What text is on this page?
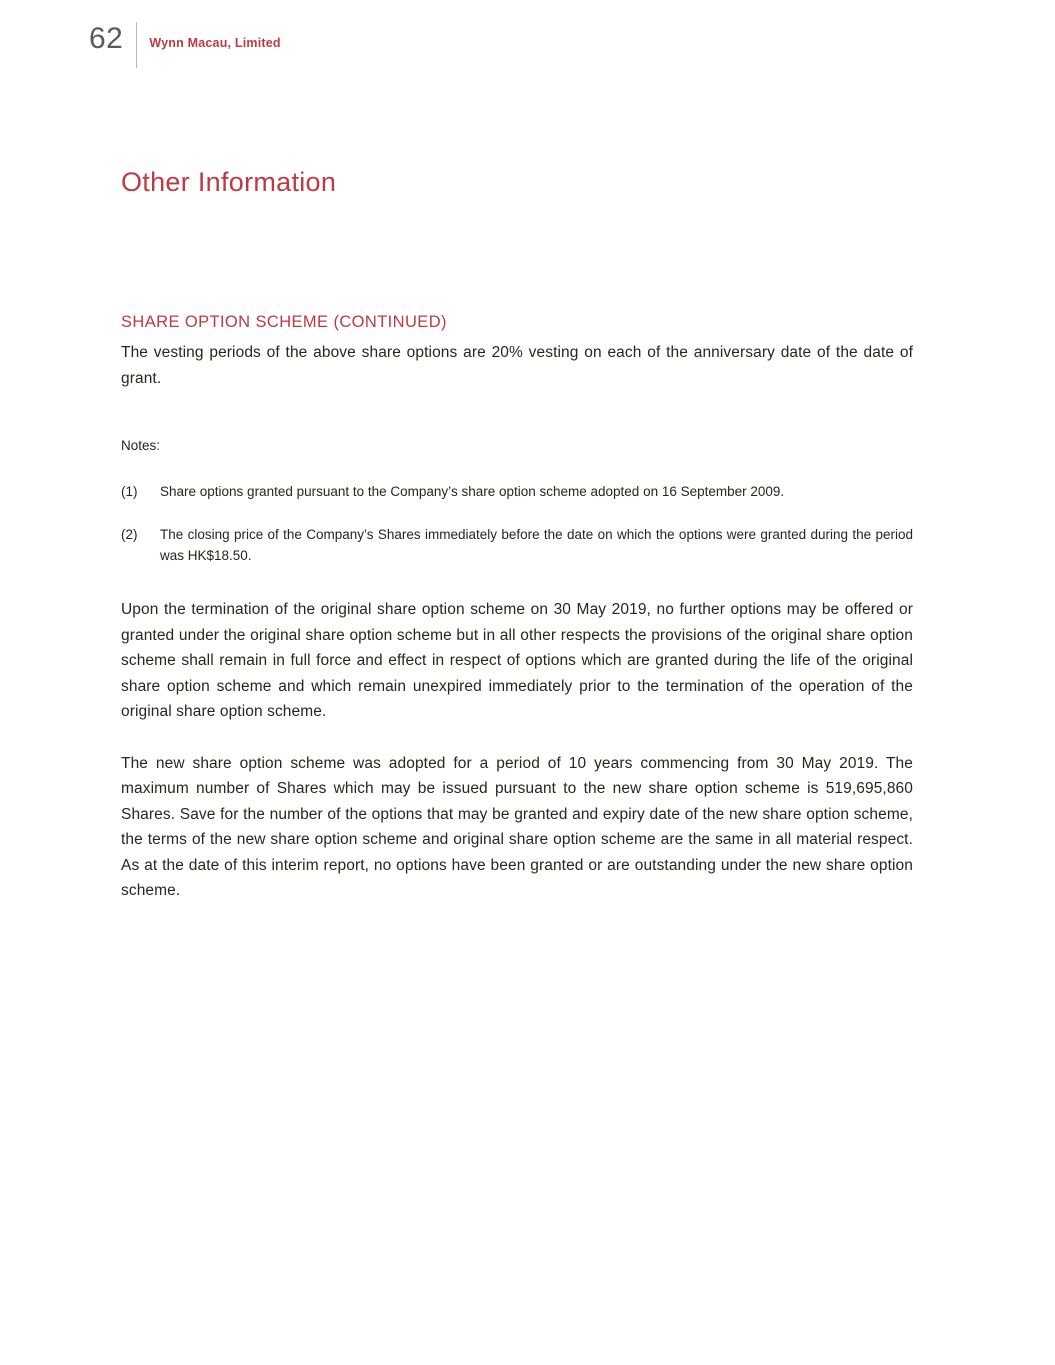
62 Wynn Macau, Limited
Other Information
SHARE OPTION SCHEME (CONTINUED)

The vesting periods of the above share options are 20% vesting on each of the anniversary date of the date of grant.

Notes:
(1)	Share options granted pursuant to the Company’s share option scheme adopted on 16 September 2009.
(2)	The closing price of the Company’s Shares immediately before the date on which the options were granted during the period was HK$18.50.

Upon the termination of the original share option scheme on 30 May 2019, no further options may be offered or granted under the original share option scheme but in all other respects the provisions of the original share option scheme shall remain in full force and effect in respect of options which are granted during the life of the original share option scheme and which remain unexpired immediately prior to the termination of the operation of the original share option scheme.

The new share option scheme was adopted for a period of 10 years commencing from 30 May 2019. The maximum number of Shares which may be issued pursuant to the new share option scheme is 519,695,860 Shares. Save for the number of the options that may be granted and expiry date of the new share option scheme, the terms of the new share option scheme and original share option scheme are the same in all material respect. As at the date of this interim report, no options have been granted or are outstanding under the new share option scheme.
